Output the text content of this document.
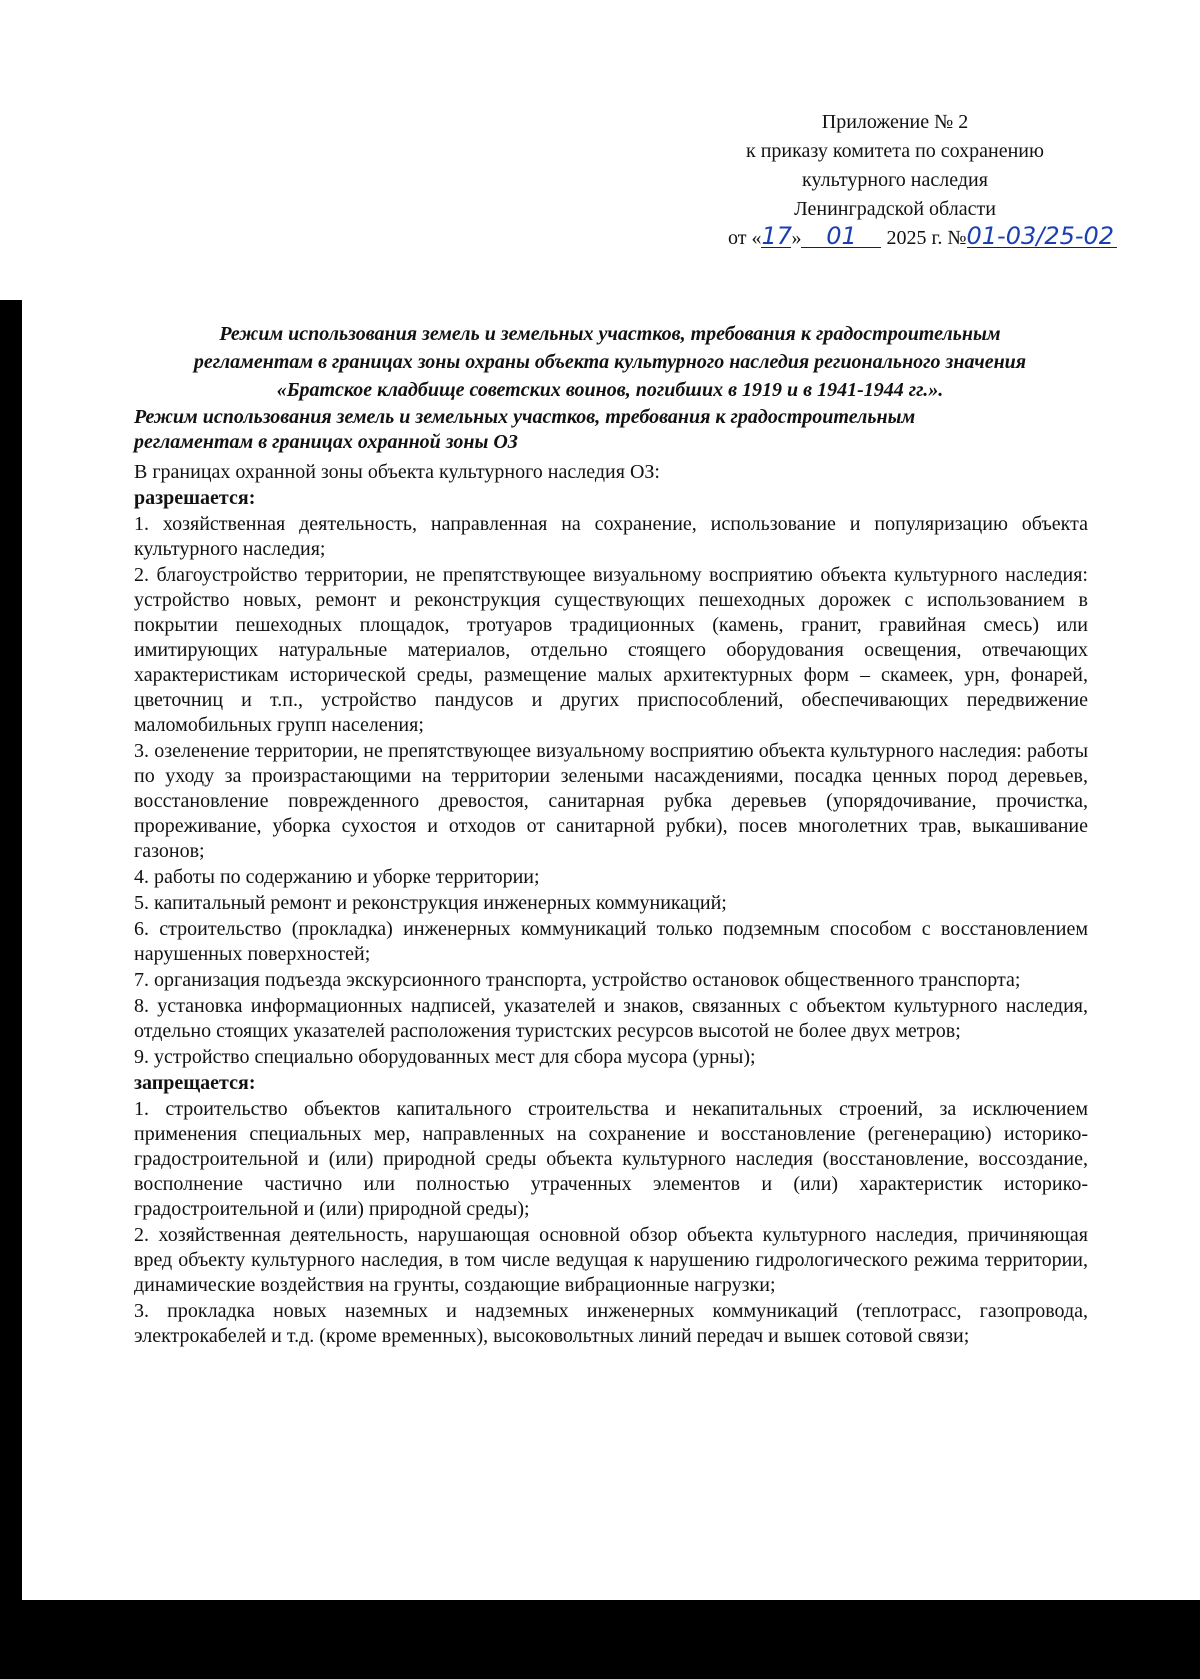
Приложение № 2
к приказу комитета по сохранению
культурного наследия
Ленинградской области
от «17» 01 2025 г. №01-03/25-02
Режим использования земель и земельных участков, требования к градостроительным
регламентам в границах зоны охраны объекта культурного наследия регионального значения
«Братское кладбище советских воинов, погибших в 1919 и в 1941-1944 гг.».
Режим использования земель и земельных участков, требования к градостроительным
регламентам в границах охранной зоны ОЗ

В границах охранной зоны объекта культурного наследия ОЗ:

разрешается:

1. хозяйственная деятельность, направленная на сохранение, использование и популяризацию объекта культурного наследия;

2. благоустройство территории, не препятствующее визуальному восприятию объекта культурного наследия: устройство новых, ремонт и реконструкция существующих пешеходных дорожек с использованием в покрытии пешеходных площадок, тротуаров традиционных (камень, гранит, гравийная смесь) или имитирующих натуральные материалов, отдельно стоящего оборудования освещения, отвечающих характеристикам исторической среды, размещение малых архитектурных форм – скамеек, урн, фонарей, цветочниц и т.п., устройство пандусов и других приспособлений, обеспечивающих передвижение маломобильных групп населения;

3. озеленение территории, не препятствующее визуальному восприятию объекта культурного наследия: работы по уходу за произрастающими на территории зелеными насаждениями, посадка ценных пород деревьев, восстановление поврежденного древостоя, санитарная рубка деревьев (упорядочивание, прочистка, прореживание, уборка сухостоя и отходов от санитарной рубки), посев многолетних трав, выкашивание газонов;

4. работы по содержанию и уборке территории;

5. капитальный ремонт и реконструкция инженерных коммуникаций;

6. строительство (прокладка) инженерных коммуникаций только подземным способом с восстановлением нарушенных поверхностей;

7. организация подъезда экскурсионного транспорта, устройство остановок общественного транспорта;

8. установка информационных надписей, указателей и знаков, связанных с объектом культурного наследия, отдельно стоящих указателей расположения туристских ресурсов высотой не более двух метров;

9. устройство специально оборудованных мест для сбора мусора (урны);

запрещается:

1. строительство объектов капитального строительства и некапитальных строений, за исключением применения специальных мер, направленных на сохранение и восстановление (регенерацию) историко- градостроительной и (или) природной среды объекта культурного наследия (восстановление, воссоздание, восполнение частично или полностью утраченных элементов и (или) характеристик историко- градостроительной и (или) природной среды);

2. хозяйственная деятельность, нарушающая основной обзор объекта культурного наследия, причиняющая вред объекту культурного наследия, в том числе ведущая к нарушению гидрологического режима территории, динамические воздействия на грунты, создающие вибрационные нагрузки;

3. прокладка новых наземных и надземных инженерных коммуникаций (теплотрасс, газопровода, электрокабелей и т.д. (кроме временных), высоковольтных линий передач и вышек сотовой связи;
